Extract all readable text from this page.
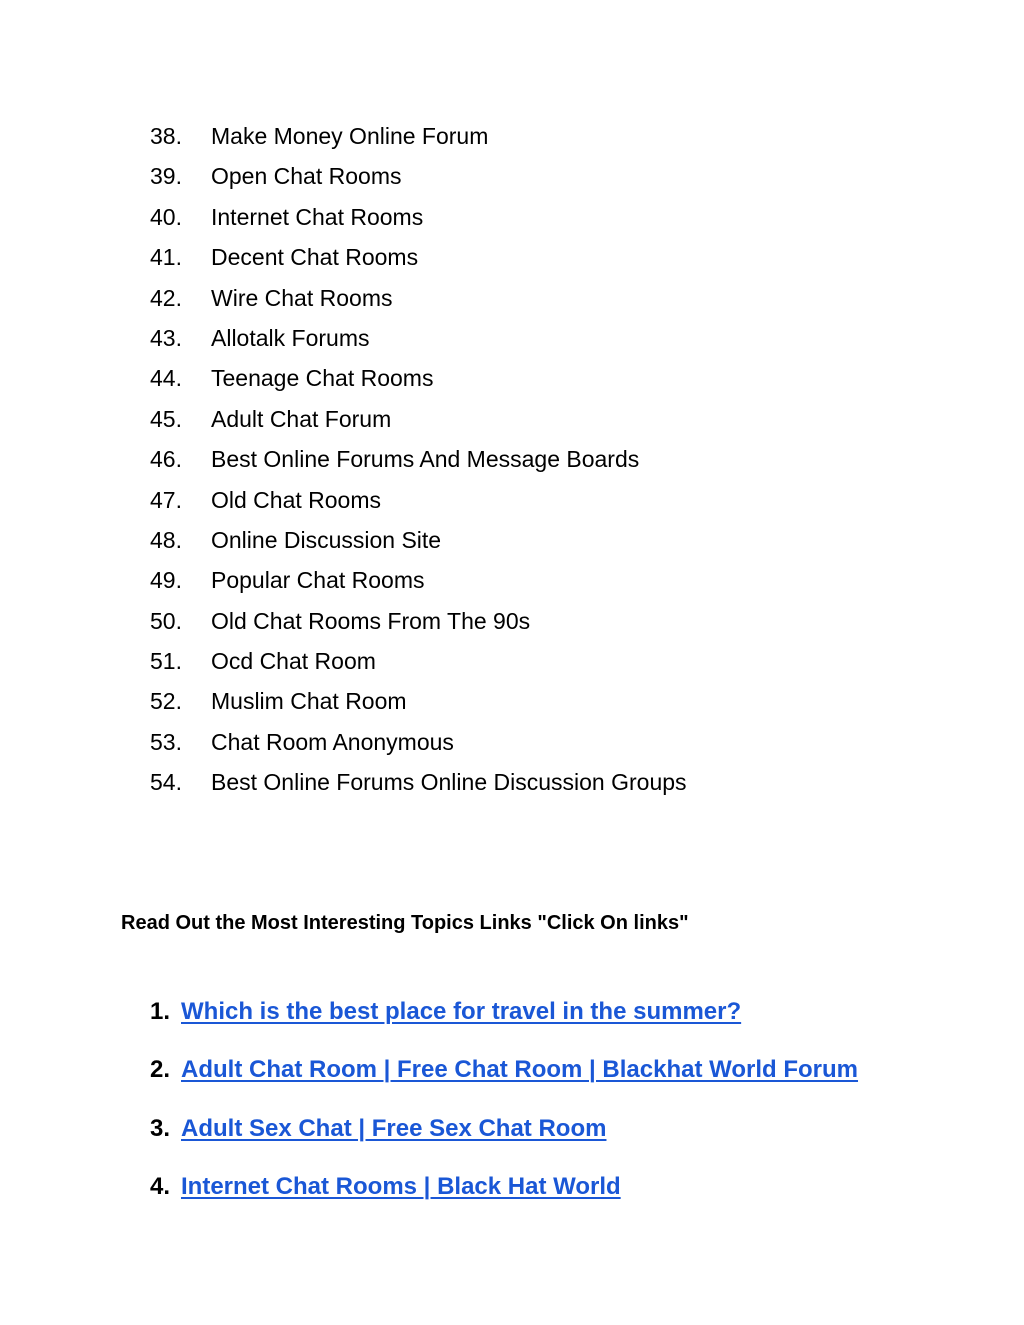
38.	Make Money Online Forum
39.	Open Chat Rooms
40.	Internet Chat Rooms
41.	Decent Chat Rooms
42.	Wire Chat Rooms
43.	Allotalk Forums
44.	Teenage Chat Rooms
45.	Adult Chat Forum
46.	Best Online Forums And Message Boards
47.	Old Chat Rooms
48.	Online Discussion Site
49.	Popular Chat Rooms
50.	Old Chat Rooms From The 90s
51.	Ocd Chat Room
52.	Muslim Chat Room
53.	Chat Room Anonymous
54.	Best Online Forums Online Discussion Groups

Read Out the Most Interesting Topics Links "Click On links"

1. Which is the best place for travel in the summer?
2. Adult Chat Room | Free Chat Room | Blackhat World Forum
3. Adult Sex Chat | Free Sex Chat Room
4. Internet Chat Rooms | Black Hat World
